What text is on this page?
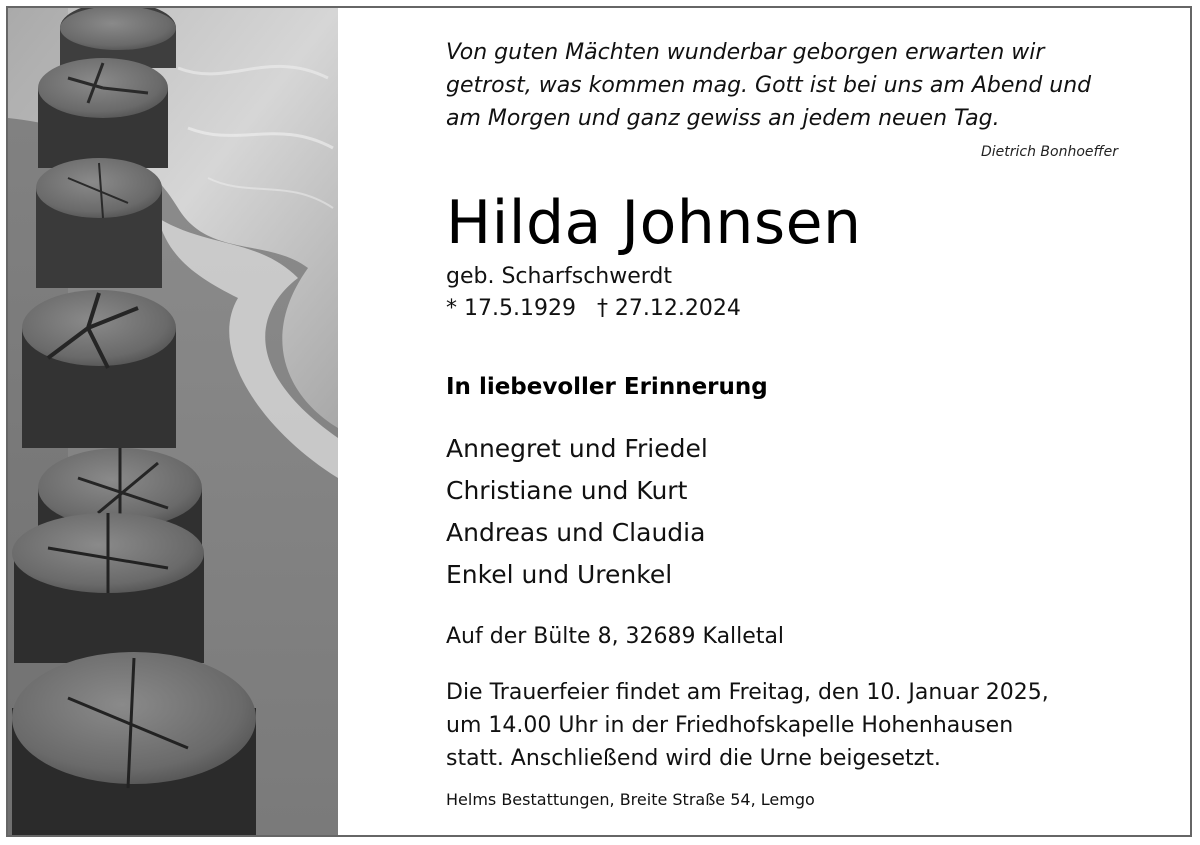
Von guten Mächten wunderbar geborgen erwarten wir
getrost, was kommen mag. Gott ist bei uns am Abend und
am Morgen und ganz gewiss an jedem neuen Tag.
Dietrich Bonhoeffer
Hilda Johnsen
geb. Scharfschwerdt
* 17.5.1929   † 27.12.2024
In liebevoller Erinnerung
Annegret und Friedel
Christiane und Kurt
Andreas und Claudia
Enkel und Urenkel
Auf der Bülte 8, 32689 Kalletal
Die Trauerfeier findet am Freitag, den 10. Januar 2025,
um 14.00 Uhr in der Friedhofskapelle Hohenhausen
statt. Anschließend wird die Urne beigesetzt.
Helms Bestattungen, Breite Straße 54, Lemgo
